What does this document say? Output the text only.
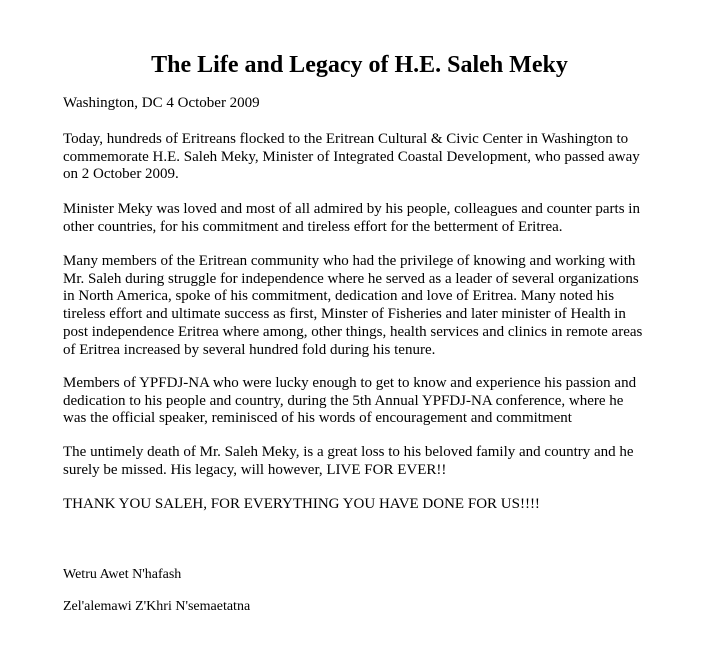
The Life and Legacy of H.E. Saleh Meky

Washington, DC 4 October 2009

Today, hundreds of Eritreans flocked to the Eritrean Cultural & Civic Center in Washington to
commemorate H.E. Saleh Meky, Minister of Integrated Coastal Development, who passed away
on 2 October 2009.

Minister Meky was loved and most of all admired by his people, colleagues and counter parts in
other countries, for his commitment and tireless effort for the betterment of Eritrea.

Many members of the Eritrean community who had the privilege of knowing and working with
Mr. Saleh during struggle for independence where he served as a leader of several organizations
in North America, spoke of his commitment, dedication and love of Eritrea. Many noted his
tireless effort and ultimate success as first, Minster of Fisheries and later minister of Health in
post independence Eritrea where among, other things, health services and clinics in remote areas
of Eritrea increased by several hundred fold during his tenure.

Members of YPFDJ-NA who were lucky enough to get to know and experience his passion and
dedication to his people and country, during the 5th Annual YPFDJ-NA conference, where he
was the official speaker, reminisced of his words of encouragement and commitment

The untimely death of Mr. Saleh Meky, is a great loss to his beloved family and country and he
surely be missed. His legacy, will however, LIVE FOR EVER!!

THANK YOU SALEH, FOR EVERYTHING YOU HAVE DONE FOR US!!!!

Wetru Awet N'hafash

Zel'alemawi Z'Khri N'semaetatna
